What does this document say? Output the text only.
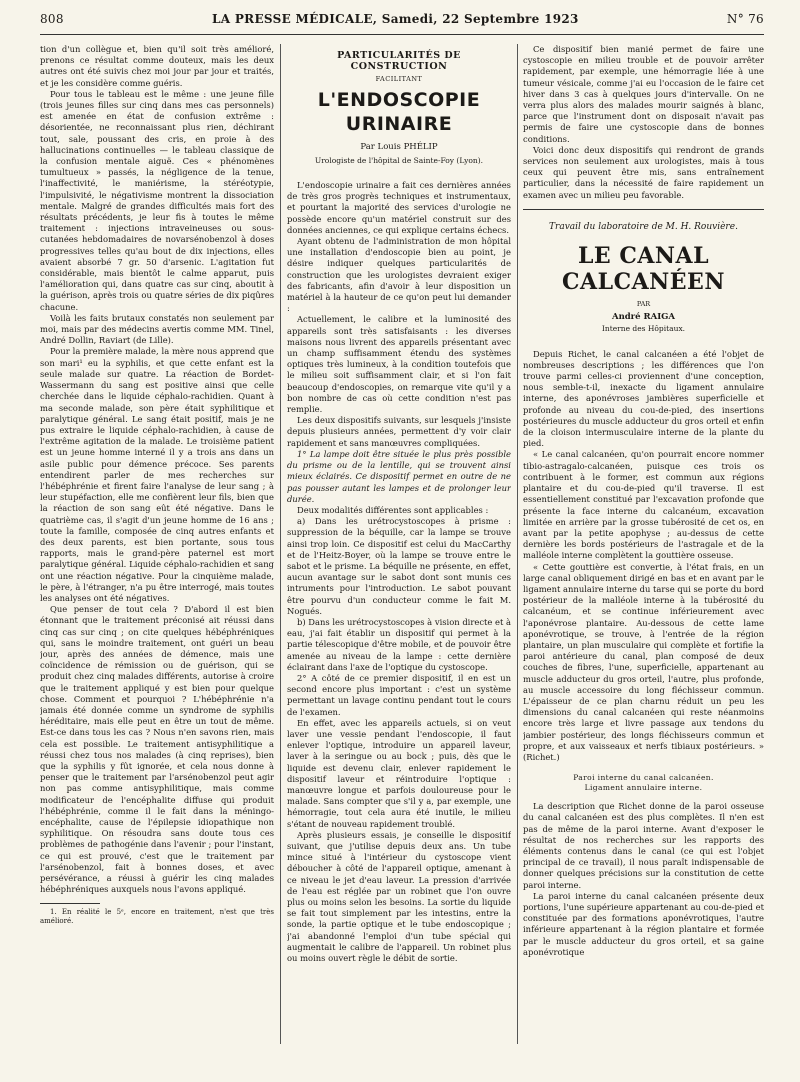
808	LA PRESSE MÉDICALE, Samedi, 22 Septembre 1923	N° 76

tion d'un collègue et, bien qu'il soit très amélioré, prenons ce résultat comme douteux, mais les deux autres ont été suivis chez moi jour par jour et traités, et je les considère comme guéris.

Pour tous le tableau est le même : une jeune fille (trois jeunes filles sur cinq dans mes cas personnels) est amenée en état de confusion extrême : désorientée, ne reconnaissant plus rien, déchirant tout, sale, poussant des cris, en proie à des hallucinations continuelles — le tableau classique de la confusion mentale aiguë. Ces « phénomènes tumultueux » passés, la négligence de la tenue, l'inaffectivité, le maniérisme, la stéréotypie, l'impulsivité, le négativisme montrent la dissociation mentale. Malgré de grandes difficultés mais fort des résultats précédents, je leur fis à toutes le même traitement : injections intraveineuses ou sous-cutanées hebdomadaires de novarsénobenzol à doses progressives telles qu'au bout de dix injections, elles avaient absorbé 7 gr. 50 d'arsenic. L'agitation fut considérable, mais bientôt le calme apparut, puis l'amélioration qui, dans quatre cas sur cinq, aboutit à la guérison, après trois ou quatre séries de dix piqûres chacune.

Voilà les faits brutaux constatés non seulement par moi, mais par des médecins avertis comme MM. Tinel, André Dollin, Raviart (de Lille).

Pour la première malade, la mère nous apprend que son mari¹ eu la syphilis, et que cette enfant est la seule malade sur quatre. La réaction de Bordet-Wassermann du sang est positive ainsi que celle cherchée dans le liquide céphalo-rachidien. Quant à ma seconde malade, son père était syphilitique et paralytique général. Le sang était positif, mais je ne pus extraire le liquide céphalo-rachidien, à cause de l'extrême agitation de la malade. Le troisième patient est un jeune homme interné il y a trois ans dans un asile public pour démence précoce. Ses parents entendirent parler de mes recherches sur l'hébéphrénie et firent faire l'analyse de leur sang ; à leur stupéfaction, elle me confièrent leur fils, bien que la réaction de son sang eût été négative. Dans le quatrième cas, il s'agit d'un jeune homme de 16 ans ; toute la famille, composée de cinq autres enfants et des deux parents, est bien portante, sous tous rapports, mais le grand-père paternel est mort paralytique général. Liquide céphalo-rachidien et sang ont une réaction négative. Pour la cinquième malade, le père, à l'étranger, n'a pu être interrogé, mais toutes les analyses ont été négatives.

Que penser de tout cela ? D'abord il est bien étonnant que le traitement préconisé ait réussi dans cinq cas sur cinq ; on cite quelques hébéphréniques qui, sans le moindre traitement, ont guéri un beau jour, après des années de démence, mais une coïncidence de rémission ou de guérison, qui se produit chez cinq malades différents, autorise à croire que le traitement appliqué y est bien pour quelque chose. Comment et pourquoi ? L'hébéphrénie n'a jamais été donnée comme un syndrome de syphilis héréditaire, mais elle peut en être un tout de même. Est-ce dans tous les cas ? Nous n'en savons rien, mais cela est possible. Le traitement antisyphilitique a réussi chez tous nos malades (à cinq reprises), bien que la syphilis y fût ignorée, et cela nous donne à penser que le traitement par l'arsénobenzol peut agir non pas comme antisyphilitique, mais comme modificateur de l'encéphalite diffuse qui produit l'hébéphrénie, comme il le fait dans la méningo-encéphalite, cause de l'épilepsie idiopathique non syphilitique. On résoudra sans doute tous ces problèmes de pathogénie dans l'avenir ; pour l'instant, ce qui est prouvé, c'est que le traitement par l'arsénobenzol, fait à bonnes doses, et avec persévérance, a réussi à guérir les cinq malades hébéphréniques auxquels nous l'avons appliqué.

1. En réalité le 5ᵉ, encore en traitement, n'est que très amélioré.

PARTICULARITÉS DE CONSTRUCTION
FACILITANT
L'ENDOSCOPIE URINAIRE
Par Louis PHÉLIP
Urologiste de l'hôpital de Sainte-Foy (Lyon).

L'endoscopie urinaire a fait ces dernières années de très gros progrès techniques et instrumentaux, et pourtant la majorité des services d'urologie ne possède encore qu'un matériel construit sur des données anciennes, ce qui explique certains échecs.

Ayant obtenu de l'administration de mon hôpital une installation d'endoscopie bien au point, je désire indiquer quelques particularités de construction que les urologistes devraient exiger des fabricants, afin d'avoir à leur disposition un matériel à la hauteur de ce qu'on peut lui demander :

Actuellement, le calibre et la luminosité des appareils sont très satisfaisants : les diverses maisons nous livrent des appareils présentant avec un champ suffisamment étendu des systèmes optiques très lumineux, à la condition toutefois que le milieu soit suffisamment clair, et si l'on fait beaucoup d'endoscopies, on remarque vite qu'il y a bon nombre de cas où cette condition n'est pas remplie.

Les deux dispositifs suivants, sur lesquels j'insiste depuis plusieurs années, permettent d'y voir clair rapidement et sans manœuvres compliquées.

1° La lampe doit être située le plus près possible du prisme ou de la lentille, qui se trouvent ainsi mieux éclairés. Ce dispositif permet en outre de ne pas pousser autant les lampes et de prolonger leur durée.

Deux modalités différentes sont applicables :

a) Dans les urétrocystoscopes à prisme : suppression de la béquille, car la lampe se trouve ainsi trop loin. Ce dispositif est celui du MacCarthy et de l'Heitz-Boyer, où la lampe se trouve entre le sabot et le prisme. La béquille ne présente, en effet, aucun avantage sur le sabot dont sont munis ces intruments pour l'introduction. Le sabot pouvant être pourvu d'un conducteur comme le fait M. Nogués.

b) Dans les urétrocystoscopes à vision directe et à eau, j'ai fait établir un dispositif qui permet à la partie télescopique d'être mobile, et de pouvoir être amenée au niveau de la lampe : cette dernière éclairant dans l'axe de l'optique du cystoscope.

2° A côté de ce premier dispositif, il en est un second encore plus important : c'est un système permettant un lavage continu pendant tout le cours de l'examen.

En effet, avec les appareils actuels, si on veut laver une vessie pendant l'endoscopie, il faut enlever l'optique, introduire un appareil laveur, laver à la seringue ou au bock ; puis, dès que le liquide est devenu clair, enlever rapidement le dispositif laveur et réintroduire l'optique : manœuvre longue et parfois douloureuse pour le malade. Sans compter que s'il y a, par exemple, une hémorragie, tout cela aura été inutile, le milieu s'étant de nouveau rapidement troublé.

Après plusieurs essais, je conseille le dispositif suivant, que j'utilise depuis deux ans. Un tube mince situé à l'intérieur du cystoscope vient déboucher à côté de l'appareil optique, amenant à ce niveau le jet d'eau laveur. La pression d'arrivée de l'eau est réglée par un robinet que l'on ouvre plus ou moins selon les besoins. La sortie du liquide se fait tout simplement par les intestins, entre la sonde, la partie optique et le tube endoscopique ; j'ai abandonné l'emploi d'un tube spécial qui augmentait le calibre de l'appareil. Un robinet plus ou moins ouvert règle le débit de sortie.

Ce dispositif bien manié permet de faire une cystoscopie en milieu trouble et de pouvoir arrêter rapidement, par exemple, une hémorragie liée à une tumeur vésicale, comme j'ai eu l'occasion de le faire cet hiver dans 3 cas à quelques jours d'intervalle. On ne verra plus alors des malades mourir saignés à blanc, parce que l'instrument dont on disposait n'avait pas permis de faire une cystoscopie dans de bonnes conditions.

Voici donc deux dispositifs qui rendront de grands services non seulement aux urologistes, mais à tous ceux qui peuvent être mis, sans entraînement particulier, dans la nécessité de faire rapidement un examen avec un milieu peu favorable.

Travail du laboratoire de M. H. Rouvière.
LE CANAL CALCANÉEN
PAR
André RAIGA
Interne des Hôpitaux.

Depuis Richet, le canal calcanéen a été l'objet de nombreuses descriptions ; les différences que l'on trouve parmi celles-ci proviennent d'une conception, nous semble-t-il, inexacte du ligament annulaire interne, des aponévroses jambières superficielle et profonde au niveau du cou-de-pied, des insertions postérieures du muscle adducteur du gros orteil et enfin de la cloison intermusculaire interne de la plante du pied.

« Le canal calcanéen, qu'on pourrait encore nommer tibio-astragalo-calcanéen, puisque ces trois os contribuent à le former, est commun aux régions plantaire et du cou-de-pied qu'il traverse. Il est essentiellement constitué par l'excavation profonde que présente la face interne du calcanéum, excavation limitée en arrière par la grosse tubérosité de cet os, en avant par la petite apophyse ; au-dessus de cette dernière les bords postérieurs de l'astragale et de la malléole interne complètent la gouttière osseuse.

« Cette gouttière est convertie, à l'état frais, en un large canal obliquement dirigé en bas et en avant par le ligament annulaire interne du tarse qui se porte du bord postérieur de la malléole interne à la tubérosité du calcanéum, et se continue inférieurement avec l'aponévrose plantaire. Au-dessous de cette lame aponévrotique, se trouve, à l'entrée de la région plantaire, un plan musculaire qui complète et fortifie la paroi antérieure du canal, plan composé de deux couches de fibres, l'une, superficielle, appartenant au muscle adducteur du gros orteil, l'autre, plus profonde, au muscle accessoire du long fléchisseur commun. L'épaisseur de ce plan charnu réduit un peu les dimensions du canal calcanéen qui reste néanmoins encore très large et livre passage aux tendons du jambier postérieur, des longs fléchisseurs commun et propre, et aux vaisseaux et nerfs tibiaux postérieurs. » (Richet.)

Paroi interne du canal calcanéen.
Ligament annulaire interne.

La description que Richet donne de la paroi osseuse du canal calcanéen est des plus complètes. Il n'en est pas de même de la paroi interne. Avant d'exposer le résultat de nos recherches sur les rapports des éléments contenus dans le canal (ce qui est l'objet principal de ce travail), il nous paraît indispensable de donner quelques précisions sur la constitution de cette paroi interne.

La paroi interne du canal calcanéen présente deux portions, l'une supérieure appartenant au cou-de-pied et constituée par des formations aponévrotiques, l'autre inférieure appartenant à la région plantaire et formée par le muscle adducteur du gros orteil, et sa gaine aponévrotique
